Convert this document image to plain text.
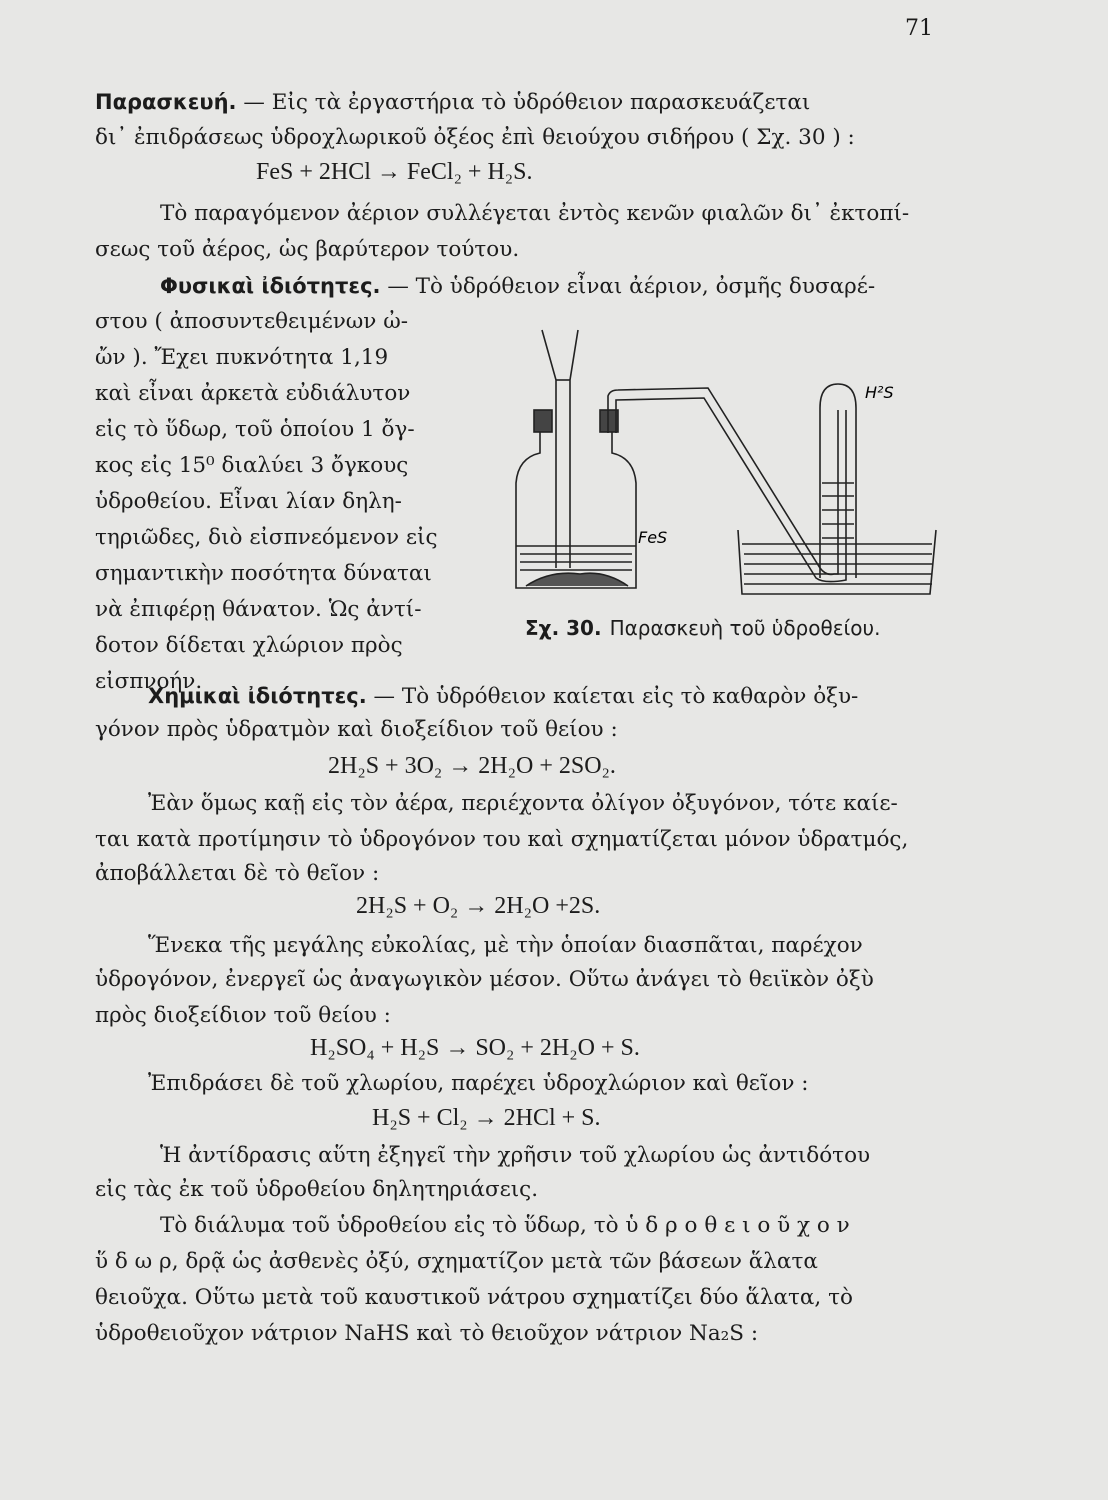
71
Παρασκευή. — Εἰς τὰ ἐργαστήρια τὸ ὑδρόθειον παρασκευάζεται
δι᾿ ἐπιδράσεως ὑδροχλωρικοῦ ὀξέος ἐπὶ θειούχου σιδήρου ( Σχ. 30 ) :
FeS + 2HCl → FeCl₂ + H₂S.
Τὸ παραγόμενον ἀέριον συλλέγεται ἐντὸς κενῶν φιαλῶν δι᾿ ἐκτοπί-
σεως τοῦ ἀέρος, ὡς βαρύτερον τούτου.
Φυσικαὶ ἰδιότητες. — Τὸ ὑδρόθειον εἶναι ἀέριον, ὀσμῆς δυσαρέ-
στου ( ἀποσυντεθειμένων ὠ-
ὤν ). Ἔχει πυκνότητα 1,19
καὶ εἶναι ἀρκετὰ εὐδιάλυτον
εἰς τὸ ὕδωρ, τοῦ ὁποίου 1 ὄγ-
κος εἰς 15⁰ διαλύει 3 ὄγκους
ὑδροθείου. Εἶναι λίαν δηλη-
τηριῶδες, διὸ εἰσπνεόμενον εἰς
σημαντικὴν ποσότητα δύναται
νὰ ἐπιφέρῃ θάνατον. Ὡς ἀντί-
δοτον δίδεται χλώριον πρὸς
εἰσπνοήν.
FeS
H²S
Σχ. 30. Παρασκευὴ τοῦ ὑδροθείου.
Χημικαὶ ἰδιότητες. — Τὸ ὑδρόθειον καίεται εἰς τὸ καθαρὸν ὀξυ-
γόνον πρὸς ὑδρατμὸν καὶ διοξείδιον τοῦ θείου :
2H₂S + 3O₂ → 2H₂O + 2SO₂.
Ἐὰν ὅμως καῇ εἰς τὸν ἀέρα, περιέχοντα ὀλίγον ὀξυγόνον, τότε καίε-
ται κατὰ προτίμησιν τὸ ὑδρογόνον του καὶ σχηματίζεται μόνον ὑδρατμός,
ἀποβάλλεται δὲ τὸ θεῖον :
2H₂S + O₂ → 2H₂O +2S.
Ἕνεκα τῆς μεγάλης εὐκολίας, μὲ τὴν ὁποίαν διασπᾶται, παρέχον
ὑδρογόνον, ἐνεργεῖ ὡς ἀναγωγικὸν μέσον. Οὕτω ἀνάγει τὸ θειϊκὸν ὀξὺ
πρὸς διοξείδιον τοῦ θείου :
H₂SO₄ + H₂S → SO₂ + 2H₂O + S.
Ἐπιδράσει δὲ τοῦ χλωρίου, παρέχει ὑδροχλώριον καὶ θεῖον :
H₂S + Cl₂ → 2HCl + S.
Ἡ ἀντίδρασις αὕτη ἐξηγεῖ τὴν χρῆσιν τοῦ χλωρίου ὡς ἀντιδότου
εἰς τὰς ἐκ τοῦ ὑδροθείου δηλητηριάσεις.
Τὸ διάλυμα τοῦ ὑδροθείου εἰς τὸ ὕδωρ, τὸ ὑ δ ρ ο θ ε ι ο ῦ χ ο ν
ὕ δ ω ρ, δρᾷ ὡς ἀσθενὲς ὀξύ, σχηματίζον μετὰ τῶν βάσεων ἅλατα
θειοῦχα. Οὕτω μετὰ τοῦ καυστικοῦ νάτρου σχηματίζει δύο ἅλατα, τὸ
ὑδροθειοῦχον νάτριον NaHS καὶ τὸ θειοῦχον νάτριον Na₂S :
